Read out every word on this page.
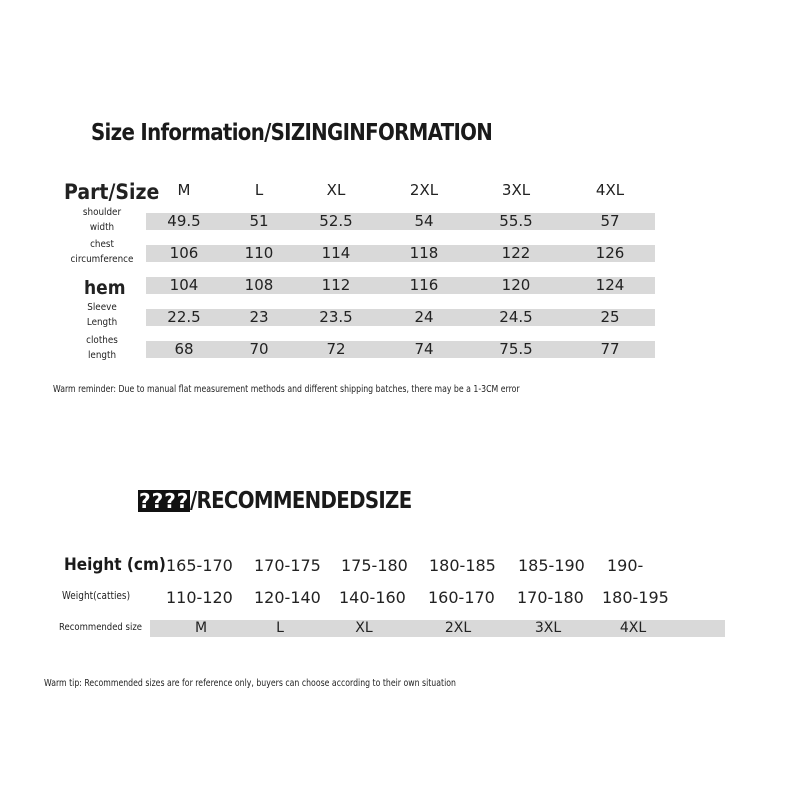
Size Information/SIZINGINFORMATION
Part/Size	M	L	XL	2XL	3XL	4XL
shoulder
width	49.5	51	52.5	54	55.5	57
chest
circumference	106	110	114	118	122	126
hem	104	108	112	116	120	124
Sleeve
Length	22.5	23	23.5	24	24.5	25
clothes
length	68	70	72	74	75.5	77
Warm reminder: Due to manual flat measurement methods and different shipping batches, there may be a 1-3CM error
???? /RECOMMENDEDSIZE
Height (cm) 165-170 170-175 175-180 180-185 185-190 190-
Weight(catties) 110-120 120-140 140-160 160-170 170-180 180-195
Recommended size	M	L	XL	2XL	3XL	4XL
Warm tip: Recommended sizes are for reference only, buyers can choose according to their own situation
